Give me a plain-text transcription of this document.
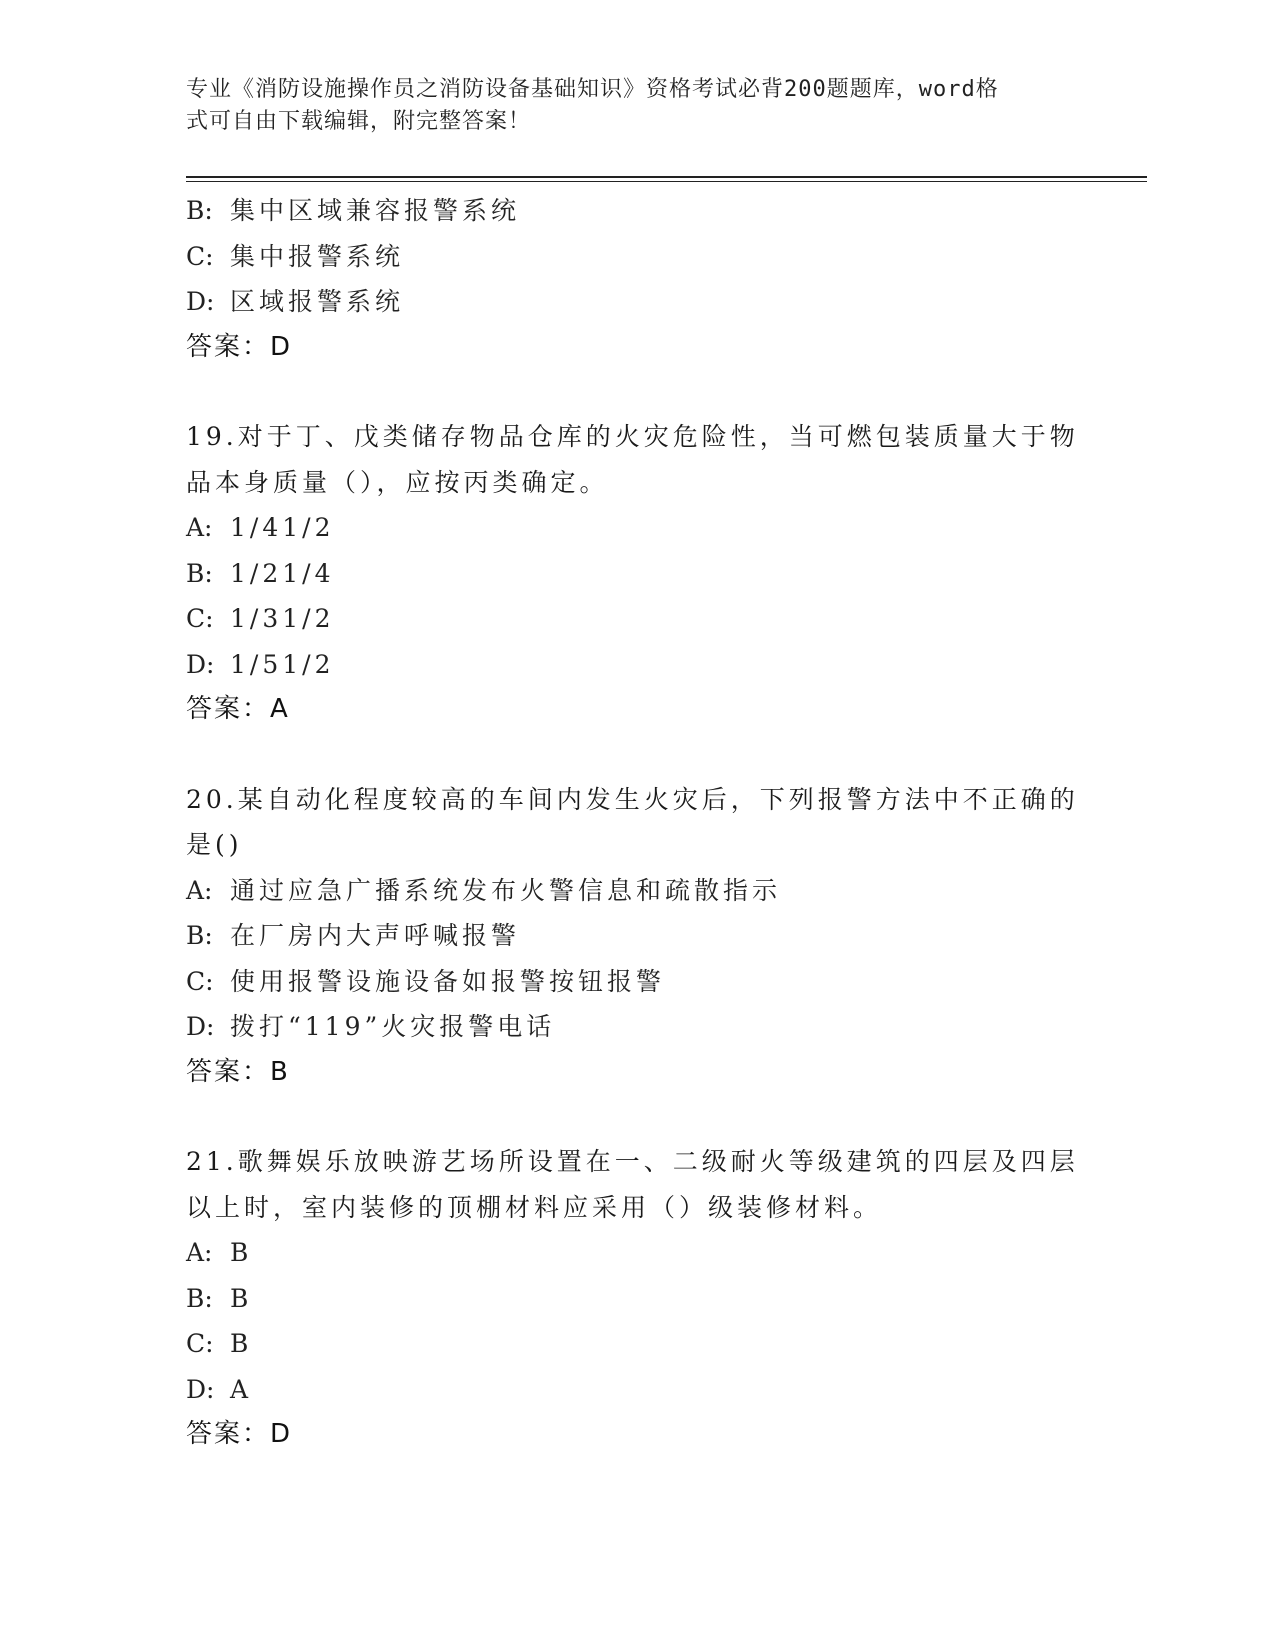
专业《消防设施操作员之消防设备基础知识》资格考试必背200题题库，word格
式可自由下载编辑，附完整答案！
B: 集中区域兼容报警系统
C: 集中报警系统
D: 区域报警系统
答案：D
19.对于丁、戊类储存物品仓库的火灾危险性，当可燃包装质量大于物
品本身质量（），应按丙类确定。
A: 1/41/2
B: 1/21/4
C: 1/31/2
D: 1/51/2
答案：A
20.某自动化程度较高的车间内发生火灾后，下列报警方法中不正确的
是()
A: 通过应急广播系统发布火警信息和疏散指示
B: 在厂房内大声呼喊报警
C: 使用报警设施设备如报警按钮报警
D: 拨打“119”火灾报警电话
答案：B
21.歌舞娱乐放映游艺场所设置在一、二级耐火等级建筑的四层及四层
以上时，室内装修的顶棚材料应采用（）级装修材料。
A: B
B: B
C: B
D: A
答案：D
